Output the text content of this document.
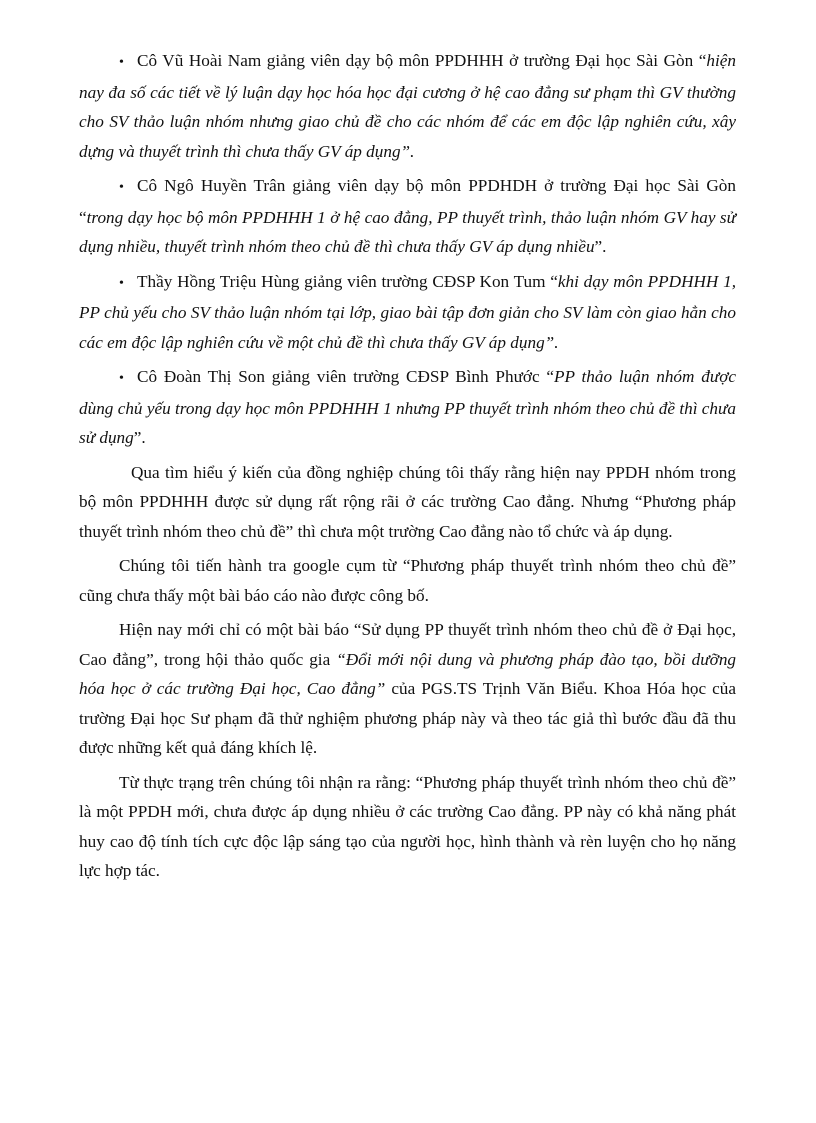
• Cô Vũ Hoài Nam giảng viên dạy bộ môn PPDHHH ở trường Đại học Sài Gòn “hiện nay đa số các tiết về lý luận dạy học hóa học đại cương ở hệ cao đẳng sư phạm thì GV thường cho SV thảo luận nhóm nhưng giao chủ đề cho các nhóm để các em độc lập nghiên cứu, xây dựng và thuyết trình thì chưa thấy GV áp dụng”.

• Cô Ngô Huyền Trân giảng viên dạy bộ môn PPDHDH ở trường Đại học Sài Gòn “trong dạy học bộ môn PPDHHH 1 ở hệ cao đẳng, PP thuyết trình, thảo luận nhóm GV hay sử dụng nhiều, thuyết trình nhóm theo chủ đề thì chưa thấy GV áp dụng nhiều”.

• Thầy Hồng Triệu Hùng giảng viên trường CĐSP Kon Tum “khi dạy môn PPDHHH 1, PP chủ yếu cho SV thảo luận nhóm tại lớp, giao bài tập đơn giản cho SV làm còn giao hẳn cho các em độc lập nghiên cứu về một chủ đề thì chưa thấy GV áp dụng”.

• Cô Đoàn Thị Son giảng viên trường CĐSP Bình Phước “PP thảo luận nhóm được dùng chủ yếu trong dạy học môn PPDHHH 1 nhưng PP thuyết trình nhóm theo chủ đề thì chưa sử dụng”.

Qua tìm hiểu ý kiến của đồng nghiệp chúng tôi thấy rằng hiện nay PPDH nhóm trong bộ môn PPDHHH được sử dụng rất rộng rãi ở các trường Cao đẳng. Nhưng “Phương pháp thuyết trình nhóm theo chủ đề” thì chưa một trường Cao đẳng nào tổ chức và áp dụng.

Chúng tôi tiến hành tra google cụm từ “Phương pháp thuyết trình nhóm theo chủ đề” cũng chưa thấy một bài báo cáo nào được công bố.

Hiện nay mới chỉ có một bài báo “Sử dụng PP thuyết trình nhóm theo chủ đề ở Đại học, Cao đẳng”, trong hội thảo quốc gia “Đổi mới nội dung và phương pháp đào tạo, bồi dưỡng hóa học ở các trường Đại học, Cao đẳng” của PGS.TS Trịnh Văn Biểu. Khoa Hóa học của trường Đại học Sư phạm đã thử nghiệm phương pháp này và theo tác giả thì bước đầu đã thu được những kết quả đáng khích lệ.

Từ thực trạng trên chúng tôi nhận ra rằng: “Phương pháp thuyết trình nhóm theo chủ đề” là một PPDH mới, chưa được áp dụng nhiều ở các trường Cao đẳng. PP này có khả năng phát huy cao độ tính tích cực độc lập sáng tạo của người học, hình thành và rèn luyện cho họ năng lực hợp tác.
